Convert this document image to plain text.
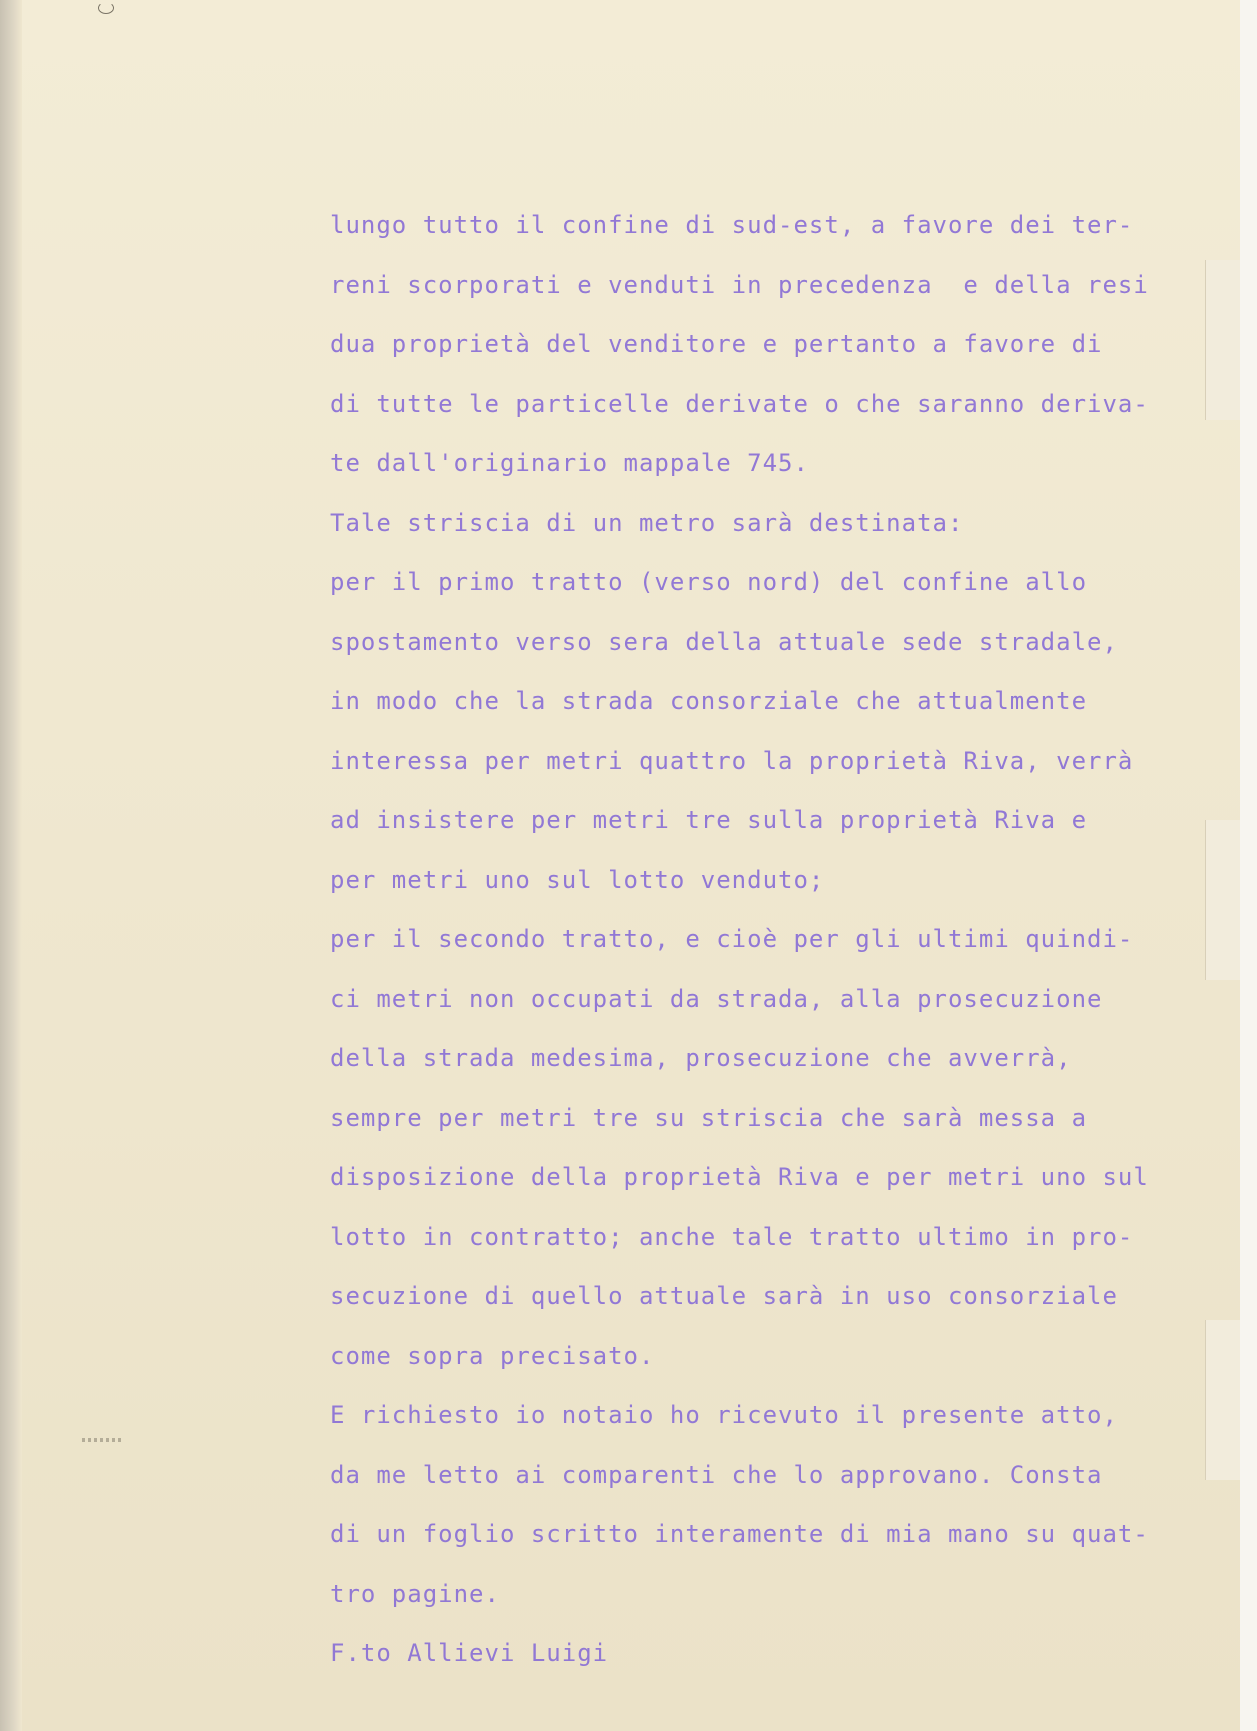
lungo tutto il confine di sud-est, a favore dei ter-
reni scorporati e venduti in precedenza  e della resi
dua proprietà del venditore e pertanto a favore di
di tutte le particelle derivate o che saranno deriva-
te dall'originario mappale 745.
Tale striscia di un metro sarà destinata:
per il primo tratto (verso nord) del confine allo
spostamento verso sera della attuale sede stradale,
in modo che la strada consorziale che attualmente
interessa per metri quattro la proprietà Riva, verrà
ad insistere per metri tre sulla proprietà Riva e
per metri uno sul lotto venduto;
per il secondo tratto, e cioè per gli ultimi quindi-
ci metri non occupati da strada, alla prosecuzione
della strada medesima, prosecuzione che avverrà,
sempre per metri tre su striscia che sarà messa a
disposizione della proprietà Riva e per metri uno sul
lotto in contratto; anche tale tratto ultimo in pro-
secuzione di quello attuale sarà in uso consorziale
come sopra precisato.
E richiesto io notaio ho ricevuto il presente atto,
da me letto ai comparenti che lo approvano. Consta
di un foglio scritto interamente di mia mano su quat-
tro pagine.
F.to Allievi Luigi
